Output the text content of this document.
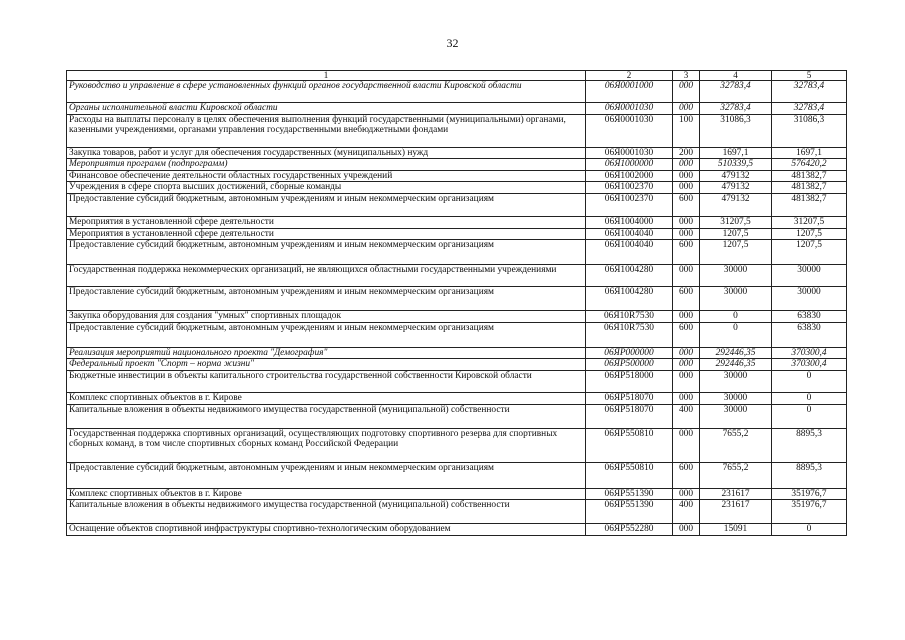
32
1	2	3	4	5
Руководство и управление в сфере установленных функций органов государственной власти Кировской области	06Я0001000	000	32783,4	32783,4
Органы исполнительной власти Кировской области	06Я0001030	000	32783,4	32783,4
Расходы на выплаты персоналу в целях обеспечения выполнения функций государственными (муниципальными) органами, казенными учреждениями, органами управления государственными внебюджетными фондами	06Я0001030	100	31086,3	31086,3
Закупка товаров, работ и услуг для обеспечения государственных (муниципальных) нужд	06Я0001030	200	1697,1	1697,1
Мероприятия программ (подпрограмм)	06Я1000000	000	510339,5	576420,2
Финансовое обеспечение деятельности областных государственных учреждений	06Я1002000	000	479132	481382,7
Учреждения в сфере спорта высших достижений, сборные команды	06Я1002370	000	479132	481382,7
Предоставление субсидий бюджетным, автономным учреждениям и иным некоммерческим организациям	06Я1002370	600	479132	481382,7
Мероприятия в установленной сфере деятельности	06Я1004000	000	31207,5	31207,5
Мероприятия в установленной сфере деятельности	06Я1004040	000	1207,5	1207,5
Предоставление субсидий бюджетным, автономным учреждениям и иным некоммерческим организациям	06Я1004040	600	1207,5	1207,5
Государственная поддержка некоммерческих организаций, не являющихся областными государственными учреждениями	06Я1004280	000	30000	30000
Предоставление субсидий бюджетным, автономным учреждениям и иным некоммерческим организациям	06Я1004280	600	30000	30000
Закупка оборудования для создания "умных" спортивных площадок	06Я10R7530	000	0	63830
Предоставление субсидий бюджетным, автономным учреждениям и иным некоммерческим организациям	06Я10R7530	600	0	63830
Реализация мероприятий национального проекта "Демография"	06ЯР000000	000	292446,35	370300,4
Федеральный проект "Спорт – норма жизни"	06ЯР500000	000	292446,35	370300,4
Бюджетные инвестиции в объекты капитального строительства государственной собственности Кировской области	06ЯР518000	000	30000	0
Комплекс спортивных объектов в г. Кирове	06ЯР518070	000	30000	0
Капитальные вложения в объекты недвижимого имущества государственной (муниципальной) собственности	06ЯР518070	400	30000	0
Государственная поддержка спортивных организаций, осуществляющих подготовку спортивного резерва для спортивных сборных команд, в том числе спортивных сборных команд Российской Федерации	06ЯР550810	000	7655,2	8895,3
Предоставление субсидий бюджетным, автономным учреждениям и иным некоммерческим организациям	06ЯР550810	600	7655,2	8895,3
Комплекс спортивных объектов в г. Кирове	06ЯР551390	000	231617	351976,7
Капитальные вложения в объекты недвижимого имущества государственной (муниципальной) собственности	06ЯР551390	400	231617	351976,7
Оснащение объектов спортивной инфраструктуры спортивно-технологическим оборудованием	06ЯР552280	000	15091	0
